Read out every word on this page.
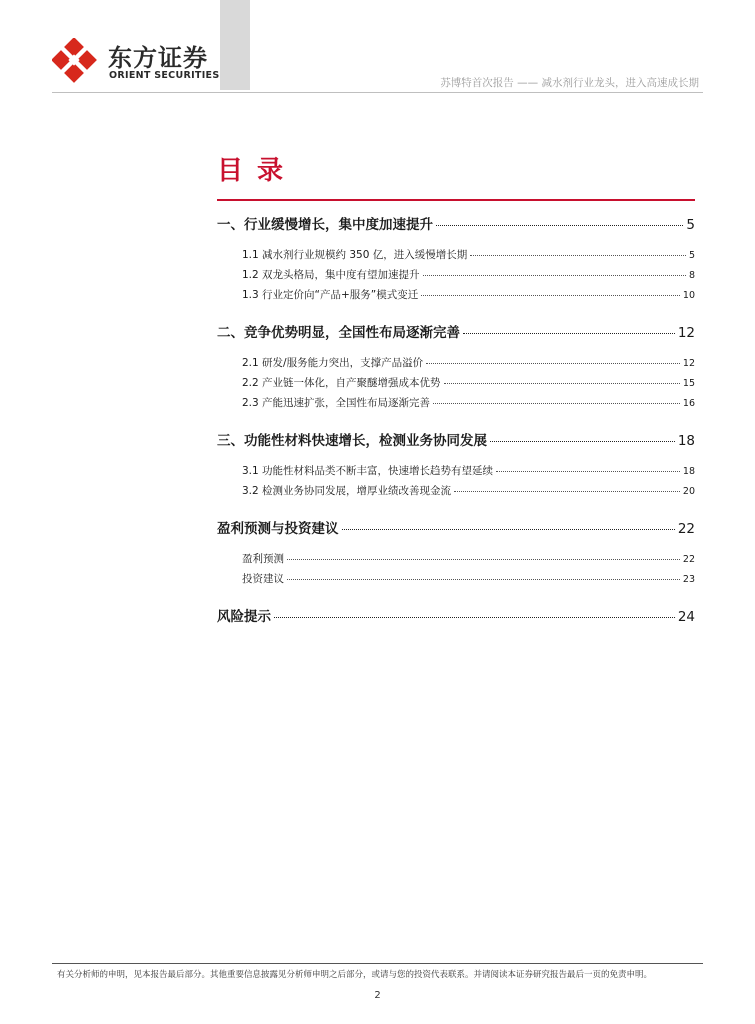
东方证券
ORIENT SECURITIES
苏博特首次报告 —— 减水剂行业龙头，进入高速成长期
目录
一、行业缓慢增长，集中度加速提升	5
1.1 减水剂行业规模约 350 亿，进入缓慢增长期	5
1.2 双龙头格局，集中度有望加速提升	8
1.3 行业定价向“产品+服务”模式变迁	10
二、竞争优势明显，全国性布局逐渐完善	12
2.1 研发/服务能力突出，支撑产品溢价	12
2.2 产业链一体化，自产聚醚增强成本优势	15
2.3 产能迅速扩张，全国性布局逐渐完善	16
三、功能性材料快速增长，检测业务协同发展	18
3.1 功能性材料品类不断丰富，快速增长趋势有望延续	18
3.2 检测业务协同发展，增厚业绩改善现金流	20
盈利预测与投资建议	22
盈利预测	22
投资建议	23
风险提示	24
有关分析师的申明，见本报告最后部分。其他重要信息披露见分析师申明之后部分，或请与您的投资代表联系。并请阅读本证券研究报告最后一页的免责申明。
2
